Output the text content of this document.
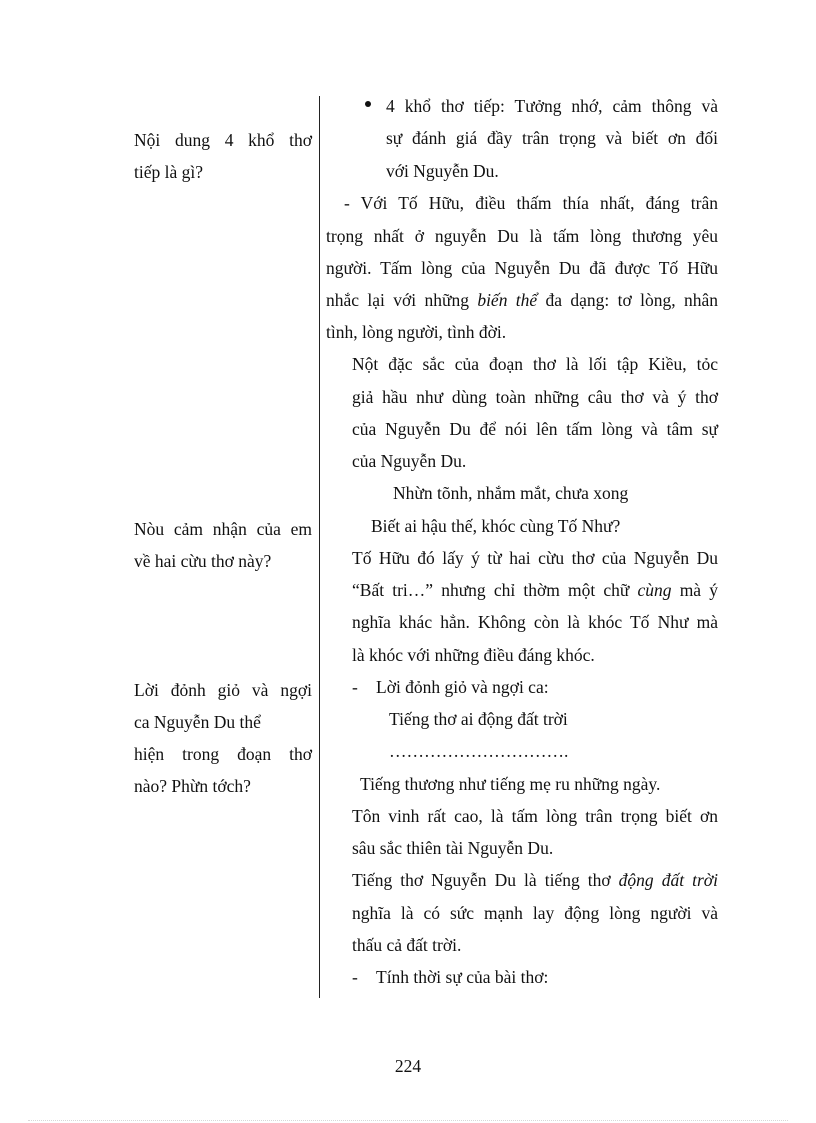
Nội dung 4 khổ thơ

tiếp là gì?

Nòu cảm nhận của em

về hai cừu thơ này?

Lời đỏnh giỏ và ngợi

ca Nguyễn Du thể

hiện trong đoạn thơ

nào? Phừn tớch?

4 khổ thơ tiếp: Tưởng nhớ, cảm thông và

sự đánh giá đầy trân trọng và biết ơn đối

với Nguyễn Du.

- Với Tố Hữu, điều thấm thía nhất, đáng trân

trọng nhất ở nguyễn Du là tấm lòng thương yêu

người. Tấm lòng của Nguyễn Du đã được Tố Hữu

nhắc lại với những biến thể đa dạng: tơ lòng, nhân

tình, lòng người, tình đời.

Nột đặc sắc của đoạn thơ là lối tập Kiều, tỏc

giả hầu như dùng toàn những câu thơ và ý thơ

của Nguyễn Du để nói lên tấm lòng và tâm sự

của Nguyễn Du.

Nhừn tõnh, nhắm mắt, chưa xong

Biết ai hậu thế, khóc cùng Tố Như?

Tố Hữu đó lấy ý từ hai cừu thơ của Nguyễn Du

“Bất tri…” nhưng chỉ thờm một chữ cùng mà ý

nghĩa khác hẳn. Không còn là khóc Tố Như mà

là khóc với những điều đáng khóc.

- Lời đỏnh giỏ và ngợi ca:

Tiếng thơ ai động đất trời

………………………….

Tiếng thương như tiếng mẹ ru những ngày.

Tôn vinh rất cao, là tấm lòng trân trọng biết ơn

sâu sắc thiên tài Nguyễn Du.

Tiếng thơ Nguyễn Du là tiếng thơ động đất trời

nghĩa là có sức mạnh lay động lòng người và

thấu cả đất trời.

- Tính thời sự của bài thơ:

224
